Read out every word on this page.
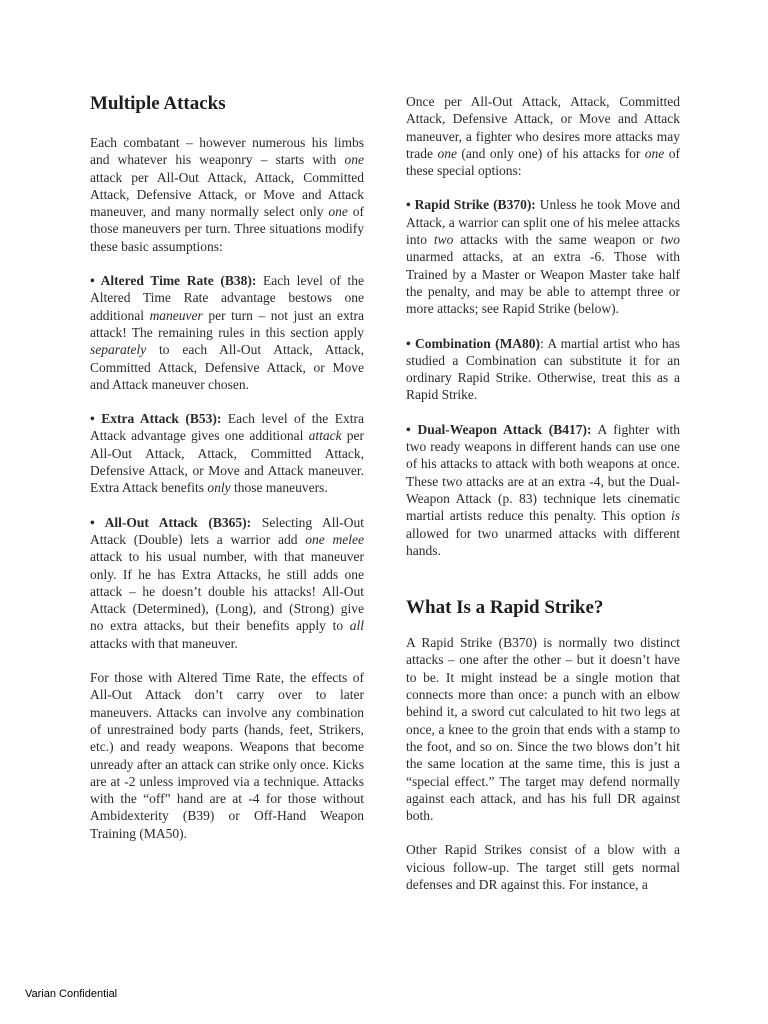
Multiple Attacks

Each combatant – however numerous his limbs and whatever his weaponry – starts with one attack per All-Out Attack, Attack, Committed Attack, Defensive Attack, or Move and Attack maneuver, and many normally select only one of those maneuvers per turn. Three situations modify these basic assumptions:

• Altered Time Rate (B38): Each level of the Altered Time Rate advantage bestows one additional maneuver per turn – not just an extra attack! The remaining rules in this section apply separately to each All-Out Attack, Attack, Committed Attack, Defensive Attack, or Move and Attack maneuver chosen.

• Extra Attack (B53): Each level of the Extra Attack advantage gives one additional attack per All-Out Attack, Attack, Committed Attack, Defensive Attack, or Move and Attack maneuver. Extra Attack benefits only those maneuvers.

• All-Out Attack (B365): Selecting All-Out Attack (Double) lets a warrior add one melee attack to his usual number, with that maneuver only. If he has Extra Attacks, he still adds one attack – he doesn’t double his attacks! All-Out Attack (Determined), (Long), and (Strong) give no extra attacks, but their benefits apply to all attacks with that maneuver.

For those with Altered Time Rate, the effects of All-Out Attack don’t carry over to later maneuvers. Attacks can involve any combination of unrestrained body parts (hands, feet, Strikers, etc.) and ready weapons. Weapons that become unready after an attack can strike only once. Kicks are at -2 unless improved via a technique. Attacks with the “off” hand are at -4 for those without Ambidexterity (B39) or Off-Hand Weapon Training (MA50).

Once per All-Out Attack, Attack, Committed Attack, Defensive Attack, or Move and Attack maneuver, a fighter who desires more attacks may trade one (and only one) of his attacks for one of these special options:

• Rapid Strike (B370): Unless he took Move and Attack, a warrior can split one of his melee attacks into two attacks with the same weapon or two unarmed attacks, at an extra -6. Those with Trained by a Master or Weapon Master take half the penalty, and may be able to attempt three or more attacks; see Rapid Strike (below).

• Combination (MA80): A martial artist who has studied a Combination can substitute it for an ordinary Rapid Strike. Otherwise, treat this as a Rapid Strike.

• Dual-Weapon Attack (B417): A fighter with two ready weapons in different hands can use one of his attacks to attack with both weapons at once. These two attacks are at an extra -4, but the Dual-Weapon Attack (p. 83) technique lets cinematic martial artists reduce this penalty. This option is allowed for two unarmed attacks with different hands.

What Is a Rapid Strike?

A Rapid Strike (B370) is normally two distinct attacks – one after the other – but it doesn’t have to be. It might instead be a single motion that connects more than once: a punch with an elbow behind it, a sword cut calculated to hit two legs at once, a knee to the groin that ends with a stamp to the foot, and so on. Since the two blows don’t hit the same location at the same time, this is just a “special effect.” The target may defend normally against each attack, and has his full DR against both.

Other Rapid Strikes consist of a blow with a vicious follow-up. The target still gets normal defenses and DR against this. For instance, a

Varian Confidential
